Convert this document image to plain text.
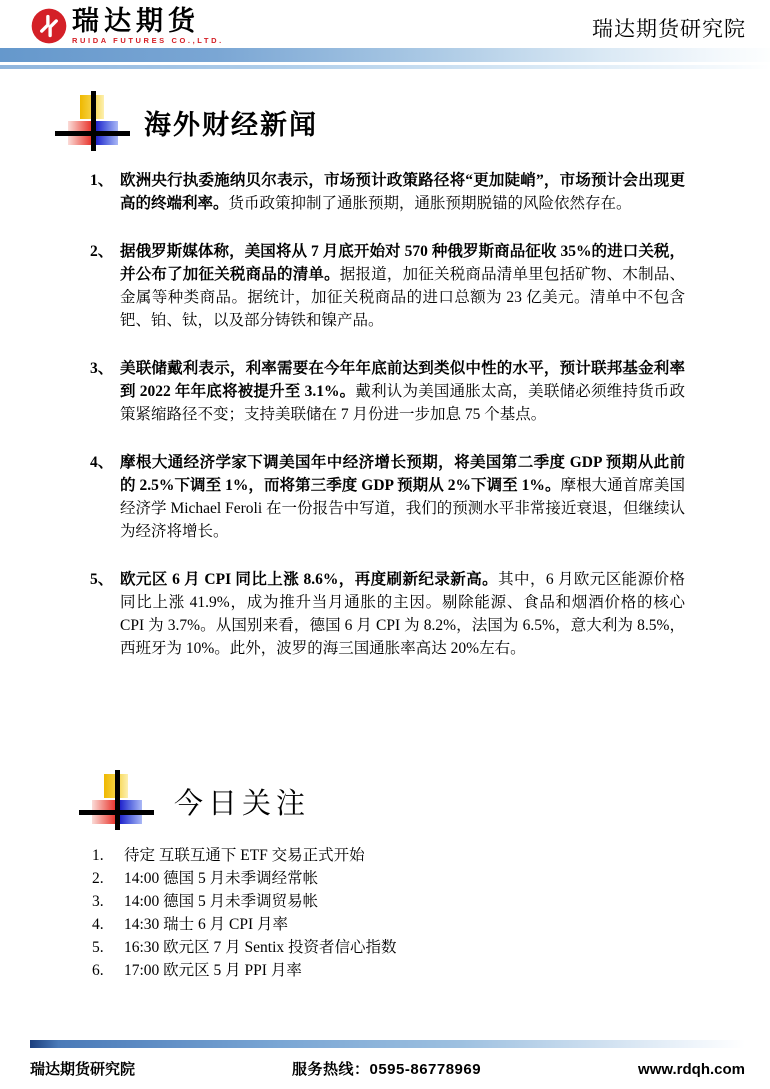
瑞达期货
RUIDA FUTURES CO.,LTD.	瑞达期货研究院
海外财经新闻
1、 欧洲央行执委施纳贝尔表示，市场预计政策路径将“更加陡峭”，市场预计会出现更高的终端利率。货币政策抑制了通胀预期，通胀预期脱锚的风险依然存在。

2、 据俄罗斯媒体称，美国将从 7 月底开始对 570 种俄罗斯商品征收 35%的进口关税，并公布了加征关税商品的清单。据报道，加征关税商品清单里包括矿物、木制品、金属等种类商品。据统计，加征关税商品的进口总额为 23 亿美元。清单中不包含钯、铂、钛，以及部分铸铁和镍产品。

3、 美联储戴利表示，利率需要在今年年底前达到类似中性的水平，预计联邦基金利率到 2022 年年底将被提升至 3.1%。戴利认为美国通胀太高，美联储必须维持货币政策紧缩路径不变；支持美联储在 7 月份进一步加息 75 个基点。

4、 摩根大通经济学家下调美国年中经济增长预期，将美国第二季度 GDP 预期从此前的 2.5%下调至 1%，而将第三季度 GDP 预期从 2%下调至 1%。摩根大通首席美国经济学 Michael Feroli 在一份报告中写道，我们的预测水平非常接近衰退，但继续认为经济将增长。

5、 欧元区 6 月 CPI 同比上涨 8.6%，再度刷新纪录新高。其中，6 月欧元区能源价格同比上涨 41.9%，成为推升当月通胀的主因。剔除能源、食品和烟酒价格的核心 CPI 为 3.7%。从国别来看，德国 6 月 CPI 为 8.2%，法国为 6.5%，意大利为 8.5%，西班牙为 10%。此外，波罗的海三国通胀率高达 20%左右。

今日关注
1.	待定 互联互通下 ETF 交易正式开始
2.	14:00 德国 5 月未季调经常帐
3.	14:00 德国 5 月未季调贸易帐
4.	14:30 瑞士 6 月 CPI 月率
5.	16:30 欧元区 7 月 Sentix 投资者信心指数
6.	17:00 欧元区 5 月 PPI 月率
瑞达期货研究院	服务热线：0595-86778969	www.rdqh.com
